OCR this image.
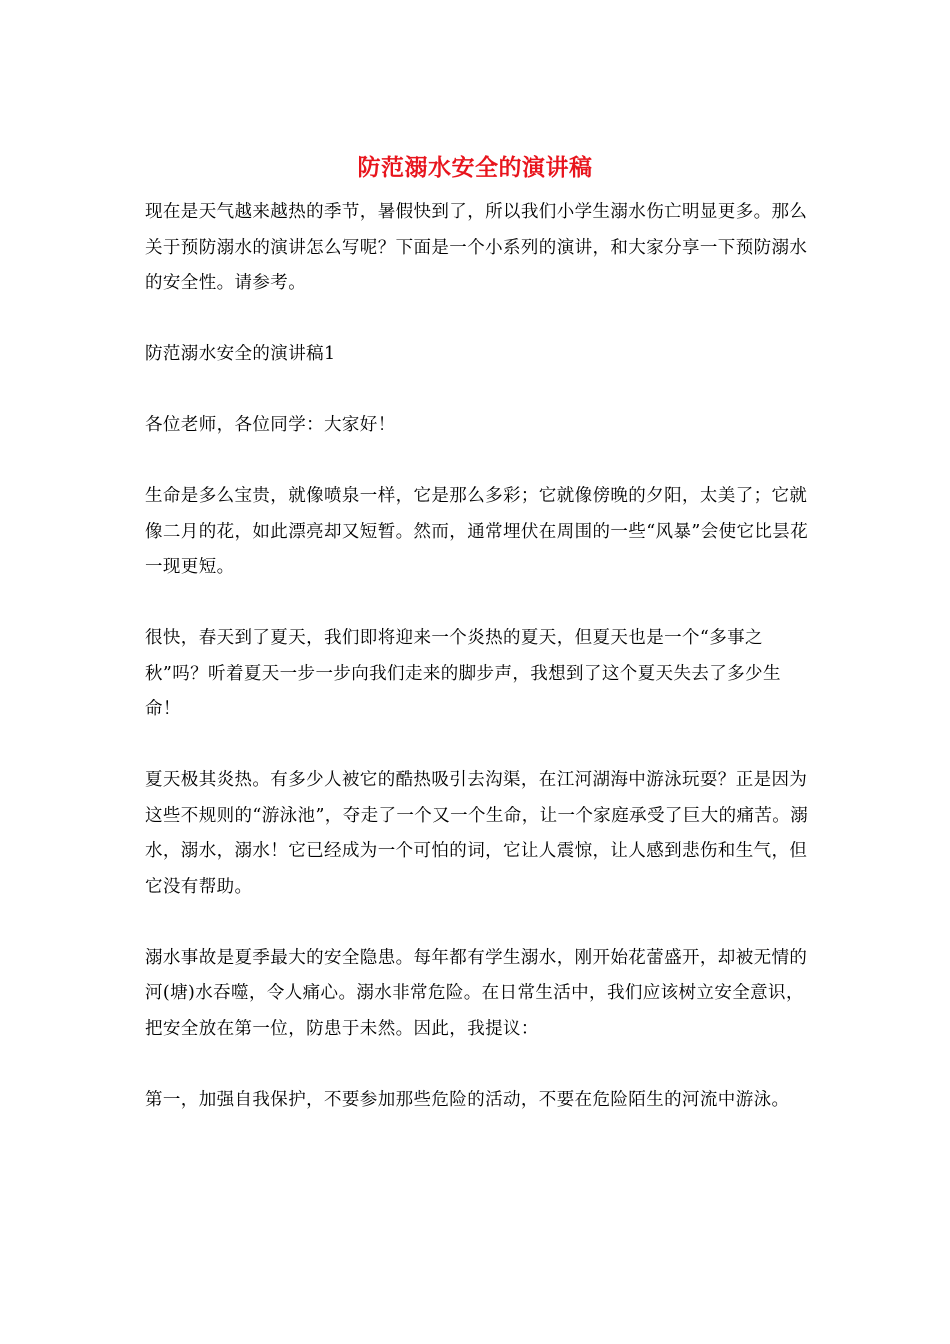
防范溺水安全的演讲稿

现在是天气越来越热的季节，暑假快到了，所以我们小学生溺水伤亡明显更多。那么关于预防溺水的演讲怎么写呢？下面是一个小系列的演讲，和大家分享一下预防溺水的安全性。请参考。

防范溺水安全的演讲稿1

各位老师，各位同学：大家好！

生命是多么宝贵，就像喷泉一样，它是那么多彩；它就像傍晚的夕阳，太美了；它就像二月的花，如此漂亮却又短暂。然而，通常埋伏在周围的一些“风暴”会使它比昙花一现更短。

很快，春天到了夏天，我们即将迎来一个炎热的夏天，但夏天也是一个“多事之秋”吗？听着夏天一步一步向我们走来的脚步声，我想到了这个夏天失去了多少生命！

夏天极其炎热。有多少人被它的酷热吸引去沟渠，在江河湖海中游泳玩耍？正是因为这些不规则的“游泳池”，夺走了一个又一个生命，让一个家庭承受了巨大的痛苦。溺水，溺水，溺水！它已经成为一个可怕的词，它让人震惊，让人感到悲伤和生气，但它没有帮助。

溺水事故是夏季最大的安全隐患。每年都有学生溺水，刚开始花蕾盛开，却被无情的河(塘)水吞噬，令人痛心。溺水非常危险。在日常生活中，我们应该树立安全意识，把安全放在第一位，防患于未然。因此，我提议：

第一，加强自我保护，不要参加那些危险的活动，不要在危险陌生的河流中游泳。
